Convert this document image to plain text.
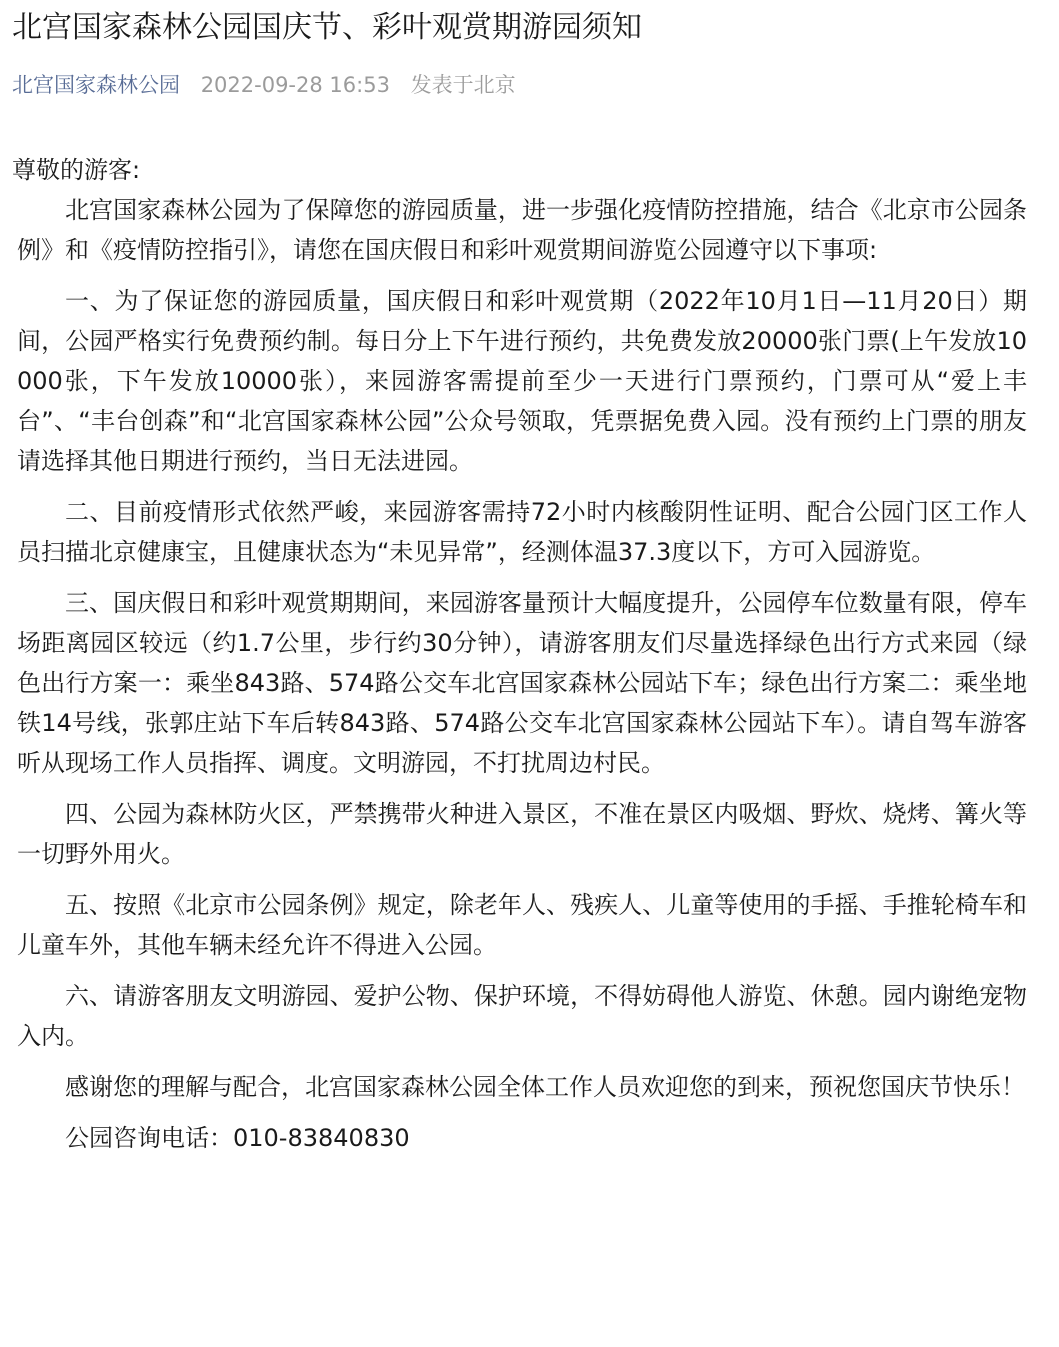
北宫国家森林公园国庆节、彩叶观赏期游园须知
北宫国家森林公园 2022-09-28 16:53 发表于北京

尊敬的游客:

北宫国家森林公园为了保障您的游园质量，进一步强化疫情防控措施，结合《北京市公园条例》和《疫情防控指引》，请您在国庆假日和彩叶观赏期间游览公园遵守以下事项:

一、为了保证您的游园质量，国庆假日和彩叶观赏期（2022年10月1日—11月20日）期间，公园严格实行免费预约制。每日分上下午进行预约，共免费发放20000张门票(上午发放10000张，下午发放10000张），来园游客需提前至少一天进行门票预约，门票可从“爱上丰台”、“丰台创森”和“北宫国家森林公园”公众号领取，凭票据免费入园。没有预约上门票的朋友请选择其他日期进行预约，当日无法进园。

二、目前疫情形式依然严峻，来园游客需持72小时内核酸阴性证明、配合公园门区工作人员扫描北京健康宝，且健康状态为“未见异常”，经测体温37.3度以下，方可入园游览。

三、国庆假日和彩叶观赏期期间，来园游客量预计大幅度提升，公园停车位数量有限，停车场距离园区较远（约1.7公里，步行约30分钟），请游客朋友们尽量选择绿色出行方式来园（绿色出行方案一：乘坐843路、574路公交车北宫国家森林公园站下车；绿色出行方案二：乘坐地铁14号线，张郭庄站下车后转843路、574路公交车北宫国家森林公园站下车）。请自驾车游客听从现场工作人员指挥、调度。文明游园，不打扰周边村民。

四、公园为森林防火区，严禁携带火种进入景区，不准在景区内吸烟、野炊、烧烤、篝火等一切野外用火。

五、按照《北京市公园条例》规定，除老年人、残疾人、儿童等使用的手摇、手推轮椅车和儿童车外，其他车辆未经允许不得进入公园。

六、请游客朋友文明游园、爱护公物、保护环境，不得妨碍他人游览、休憩。园内谢绝宠物入内。

感谢您的理解与配合，北宫国家森林公园全体工作人员欢迎您的到来，预祝您国庆节快乐！

公园咨询电话：010-83840830
